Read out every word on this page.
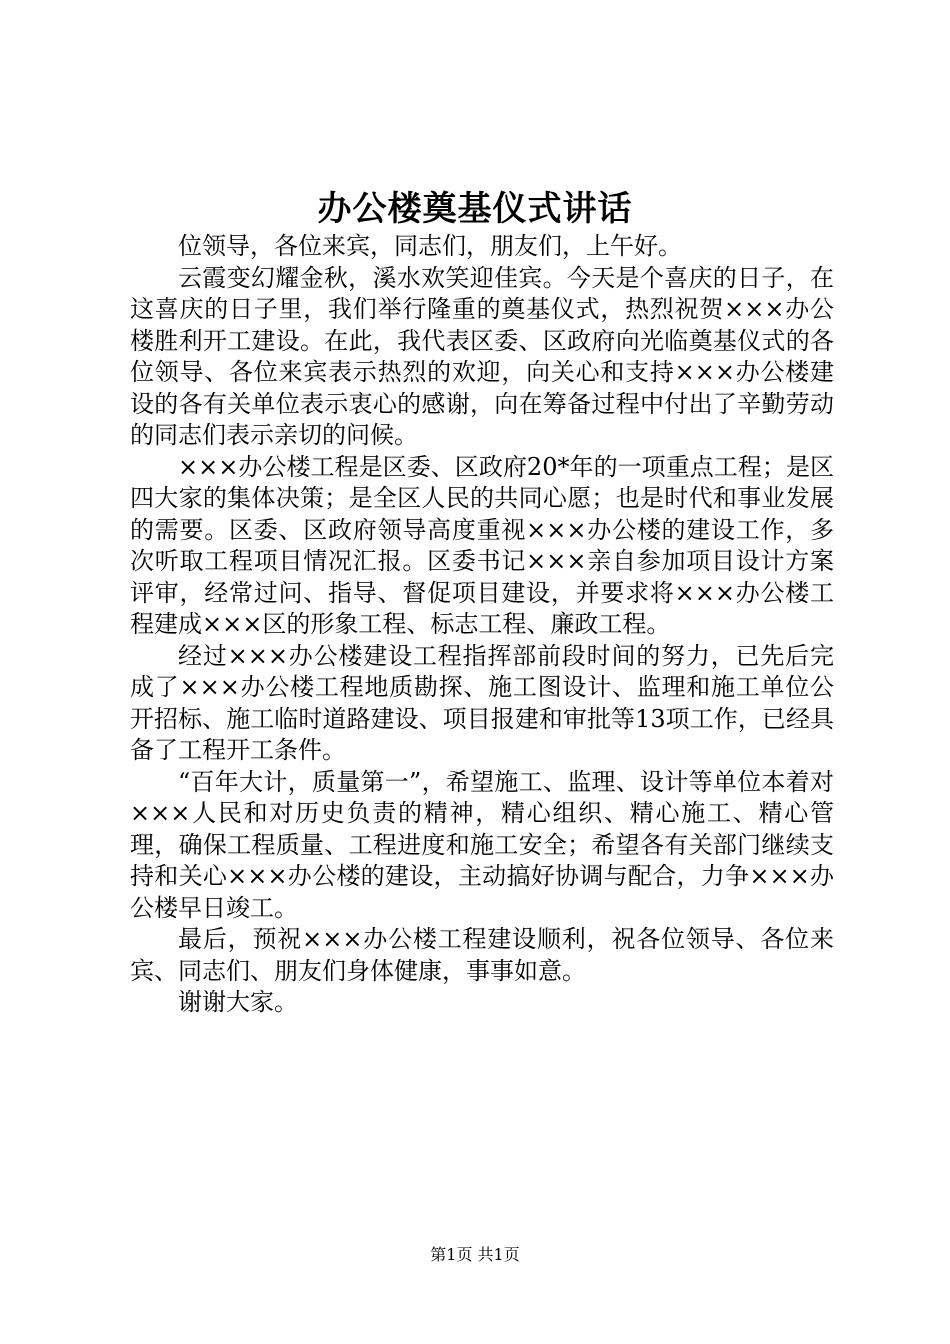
办公楼奠基仪式讲话

位领导，各位来宾，同志们，朋友们，上午好。

云霞变幻耀金秋，溪水欢笑迎佳宾。今天是个喜庆的日子，在这喜庆的日子里，我们举行隆重的奠基仪式，热烈祝贺×××办公楼胜利开工建设。在此，我代表区委、区政府向光临奠基仪式的各位领导、各位来宾表示热烈的欢迎，向关心和支持×××办公楼建设的各有关单位表示衷心的感谢，向在筹备过程中付出了辛勤劳动的同志们表示亲切的问候。

×××办公楼工程是区委、区政府20*年的一项重点工程；是区四大家的集体决策；是全区人民的共同心愿；也是时代和事业发展的需要。区委、区政府领导高度重视×××办公楼的建设工作，多次听取工程项目情况汇报。区委书记×××亲自参加项目设计方案评审，经常过问、指导、督促项目建设，并要求将×××办公楼工程建成×××区的形象工程、标志工程、廉政工程。

经过×××办公楼建设工程指挥部前段时间的努力，已先后完成了×××办公楼工程地质勘探、施工图设计、监理和施工单位公开招标、施工临时道路建设、项目报建和审批等13项工作，已经具备了工程开工条件。

“百年大计，质量第一”，希望施工、监理、设计等单位本着对×××人民和对历史负责的精神，精心组织、精心施工、精心管理，确保工程质量、工程进度和施工安全；希望各有关部门继续支持和关心×××办公楼的建设，主动搞好协调与配合，力争×××办公楼早日竣工。

最后，预祝×××办公楼工程建设顺利，祝各位领导、各位来宾、同志们、朋友们身体健康，事事如意。

谢谢大家。

第1页 共1页
